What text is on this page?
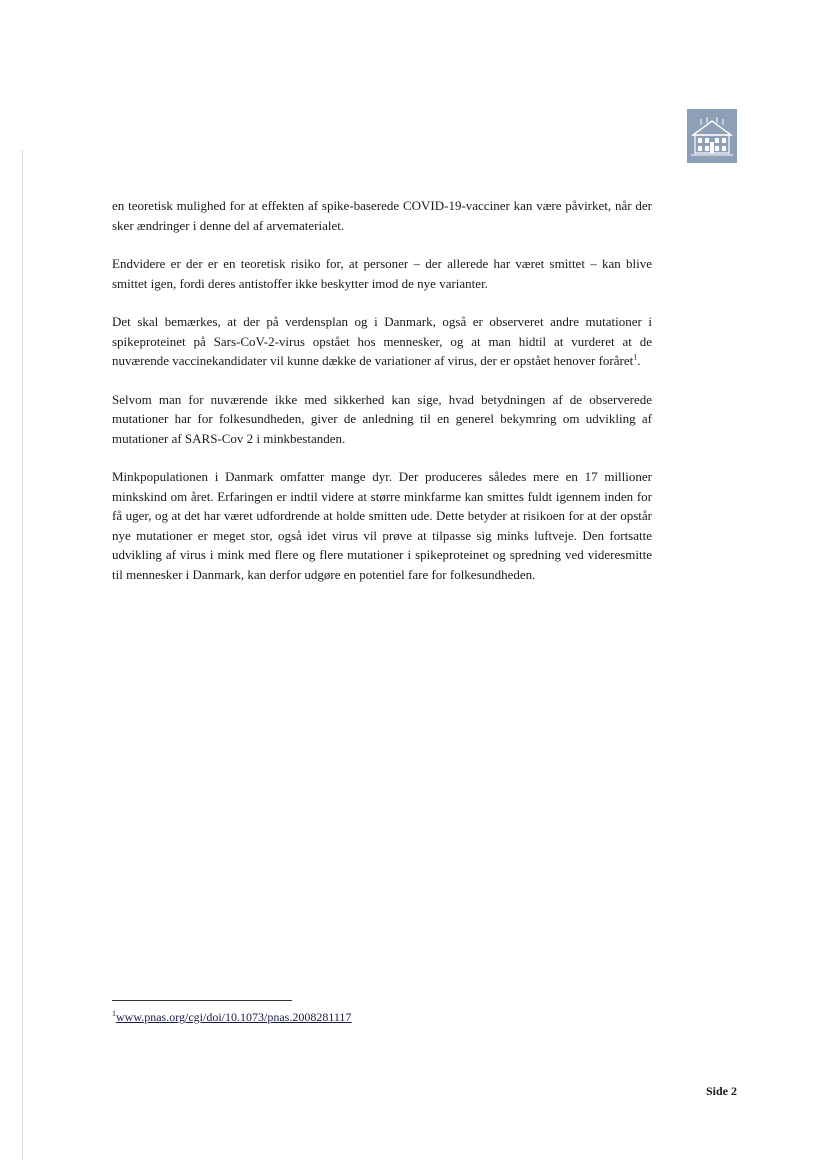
en teoretisk mulighed for at effekten af spike-baserede COVID-19-vacciner kan være påvirket, når der sker ændringer i denne del af arvematerialet.

Endvidere er der er en teoretisk risiko for, at personer – der allerede har været smittet – kan blive smittet igen, fordi deres antistoffer ikke beskytter imod de nye varianter.

Det skal bemærkes, at der på verdensplan og i Danmark, også er observeret andre mutationer i spikeproteinet på Sars-CoV-2-virus opstået hos mennesker, og at man hidtil at vurderet at de nuværende vaccinekandidater vil kunne dække de variationer af virus, der er opstået henover foråret$^1$.

Selvom man for nuværende ikke med sikkerhed kan sige, hvad betydningen af de observerede mutationer har for folkesundheden, giver de anledning til en generel bekymring om udvikling af mutationer af SARS-Cov 2 i minkbestanden.

Minkpopulationen i Danmark omfatter mange dyr. Der produceres således mere en 17 millioner minkskind om året. Erfaringen er indtil videre at større minkfarme kan smittes fuldt igennem inden for få uger, og at det har været udfordrende at holde smitten ude. Dette betyder at risikoen for at der opstår nye mutationer er meget stor, også idet virus vil prøve at tilpasse sig minks luftveje. Den fortsatte udvikling af virus i mink med flere og flere mutationer i spikeproteinet og spredning ved videresmitte til mennesker i Danmark, kan derfor udgøre en potentiel fare for folkesundheden.

$^1$www.pnas.org/cgi/doi/10.1073/pnas.2008281117
Side 2
